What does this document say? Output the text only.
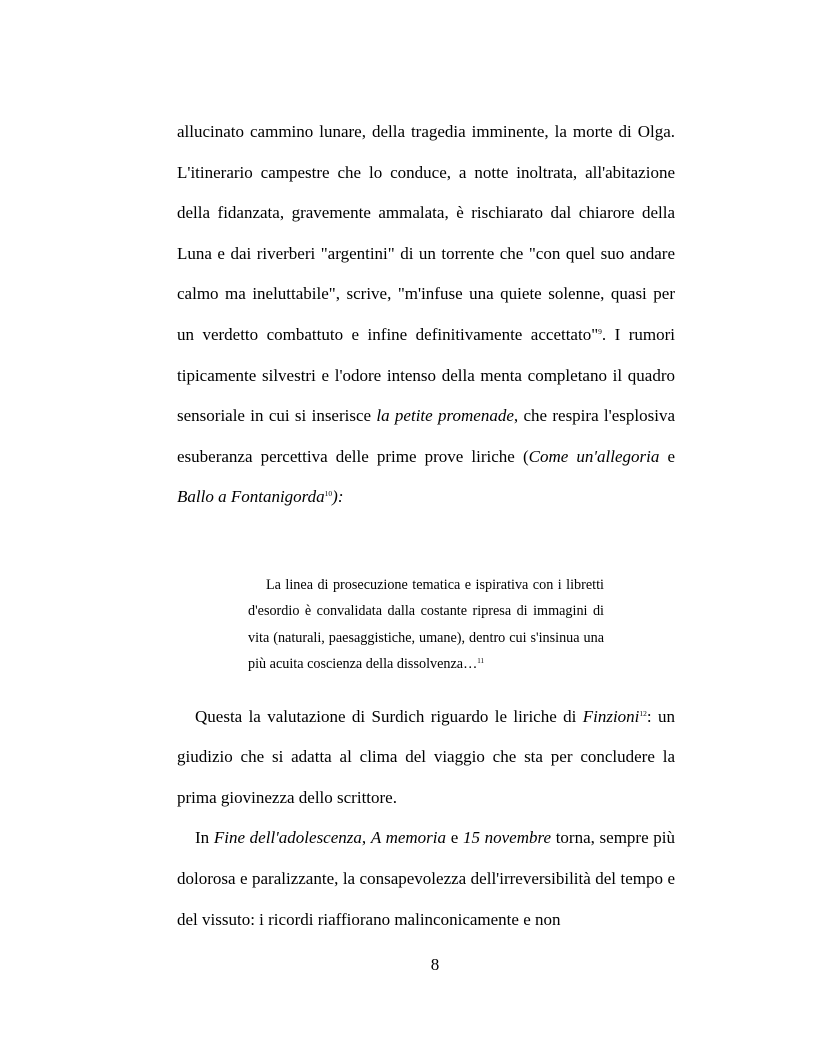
allucinato cammino lunare, della tragedia imminente, la morte di Olga. L'itinerario campestre che lo conduce, a notte inoltrata, all'abitazione della fidanzata, gravemente ammalata, è rischiarato dal chiarore della Luna e dai riverberi "argentini" di un torrente che "con quel suo andare calmo ma ineluttabile", scrive, "m'infuse una quiete solenne, quasi per un verdetto combattuto e infine definitivamente accettato"$^9$. I rumori tipicamente silvestri e l'odore intenso della menta completano il quadro sensoriale in cui si inserisce la petite promenade, che respira l'esplosiva esuberanza percettiva delle prime prove liriche (Come un'allegoria e Ballo a Fontanigorda$^{10}$):

La linea di prosecuzione tematica e ispirativa con i libretti d'esordio è convalidata dalla costante ripresa di immagini di vita (naturali, paesaggistiche, umane), dentro cui s'insinua una più acuita coscienza della dissolvenza…$^{11}$

Questa la valutazione di Surdich riguardo le liriche di Finzioni$^{12}$: un giudizio che si adatta al clima del viaggio che sta per concludere la prima giovinezza dello scrittore.

In Fine dell'adolescenza, A memoria e 15 novembre torna, sempre più dolorosa e paralizzante, la consapevolezza dell'irreversibilità del tempo e del vissuto: i ricordi riaffiorano malinconicamente e non

8
